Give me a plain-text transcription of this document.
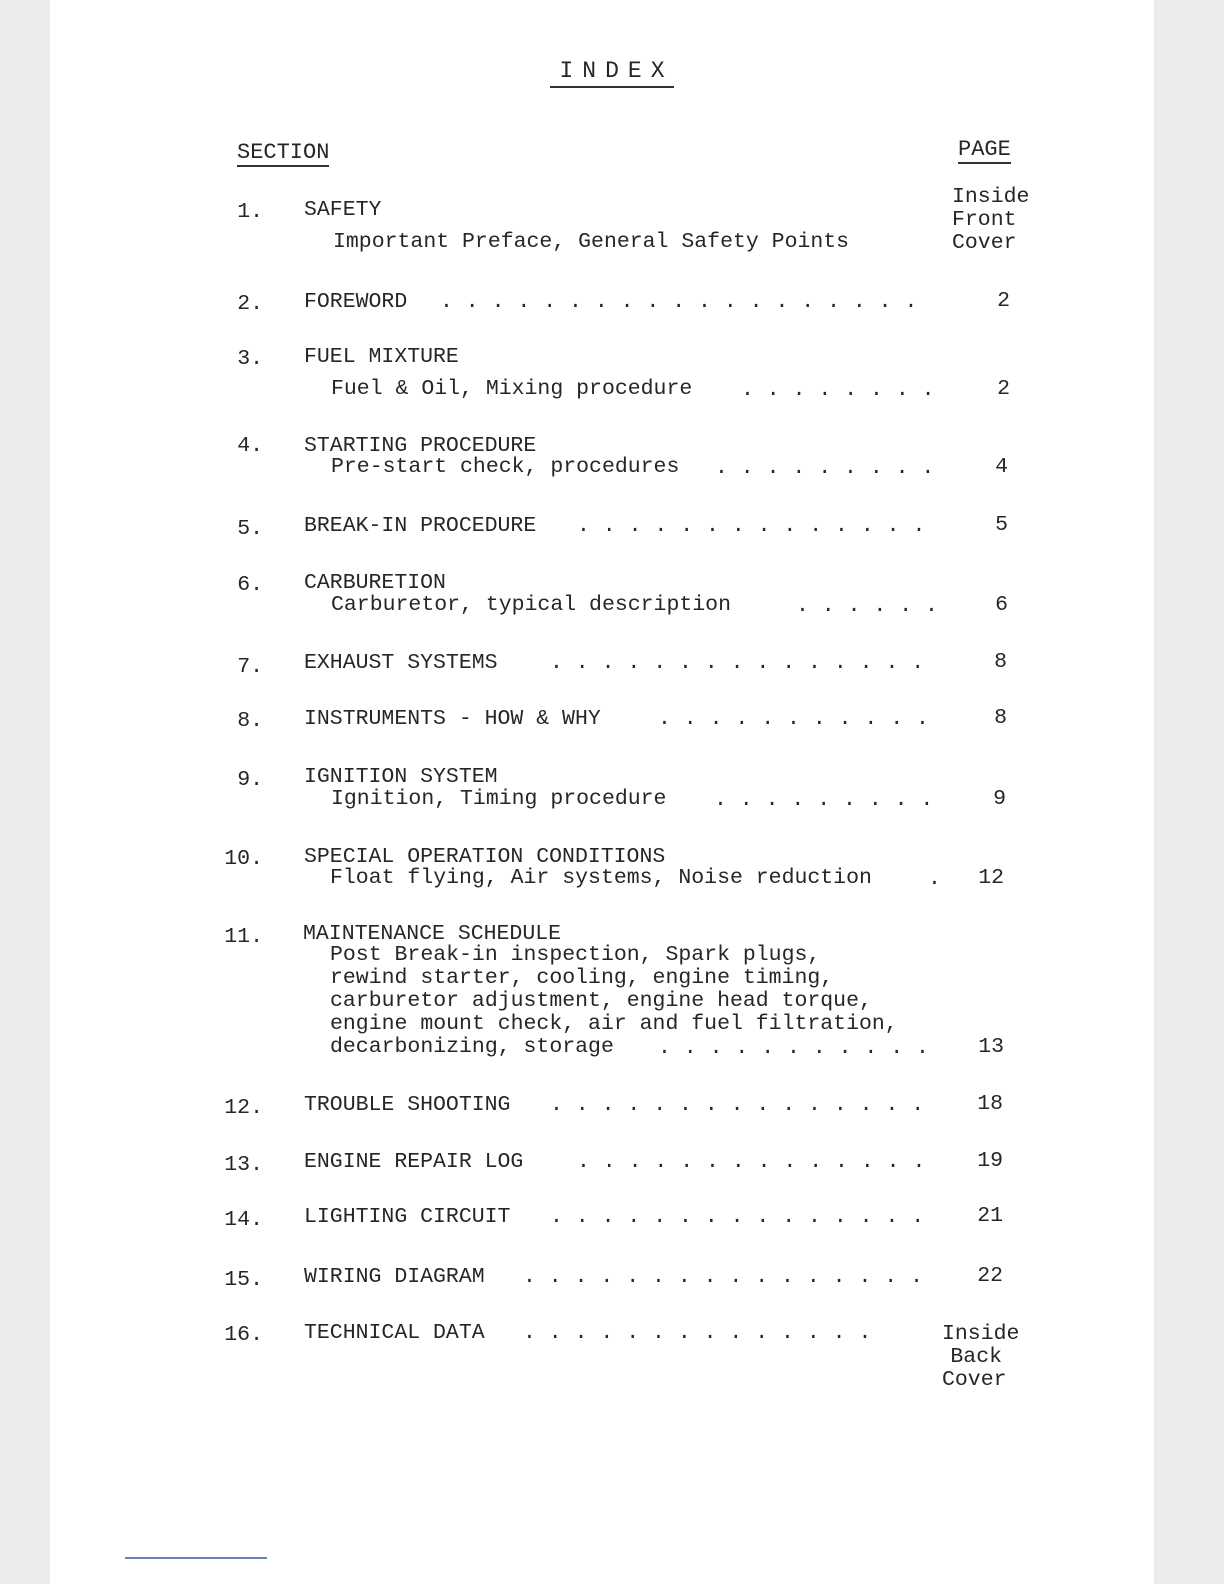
INDEX
SECTION	PAGE
1. SAFETY
Important Preface, General Safety Points
Inside
Front
Cover
2. FOREWORD . . . . . . . . . . . . . . . . . . .	2
3. FUEL MIXTURE
Fuel & Oil, Mixing procedure . . . . . . . .	2
4. STARTING PROCEDURE
Pre-start check, procedures . . . . . . . . .	4
5. BREAK-IN PROCEDURE . . . . . . . . . . . . . .	5
6. CARBURETION
Carburetor, typical description	. . . . . .	6
7. EXHAUST SYSTEMS . . . . . . . . . . . . . . .	8
8. INSTRUMENTS - HOW & WHY	. . . . . . . . . . .	8
9. IGNITION SYSTEM
Ignition, Timing procedure . . . . . . . . .	9
10. SPECIAL OPERATION CONDITIONS
Float flying, Air systems, Noise reduction	.	12
11. MAINTENANCE SCHEDULE
Post Break-in inspection, Spark plugs,
rewind starter, cooling, engine timing,
carburetor adjustment, engine head torque,
engine mount check, air and fuel filtration,
decarbonizing, storage	. . . . . . . . . . .	13
12. TROUBLE SHOOTING . . . . . . . . . . . . . . .	18
13. ENGINE REPAIR LOG . . . . . . . . . . . . . .	19
14. LIGHTING CIRCUIT . . . . . . . . . . . . . . .	21
15. WIRING DIAGRAM . . . . . . . . . . . . . . . .	22
16. TECHNICAL DATA . . . . . . . . . . . . . .	Inside
Back
Cover
